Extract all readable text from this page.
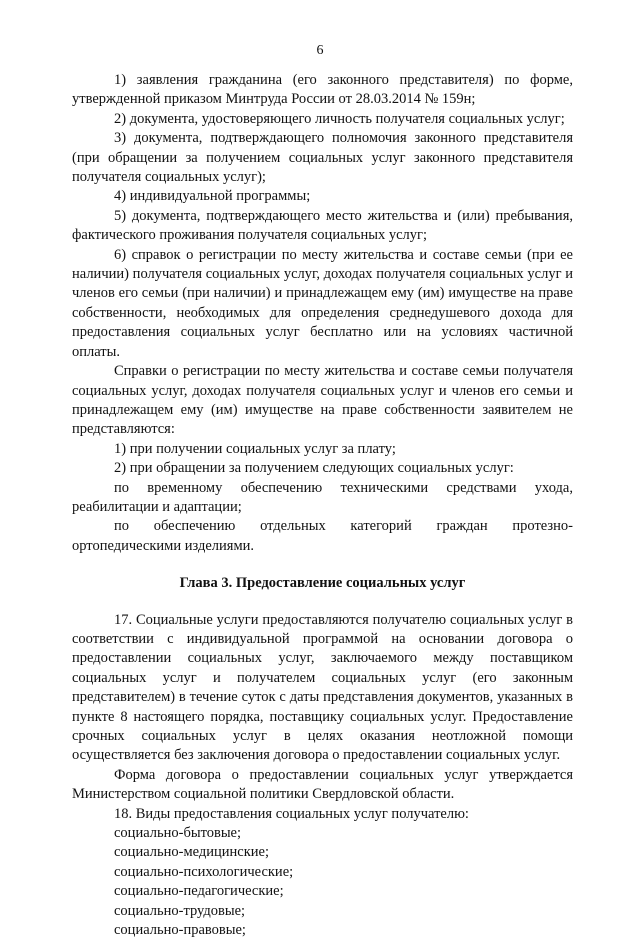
6

1) заявления гражданина (его законного представителя) по форме, утвержденной приказом Минтруда России от 28.03.2014 № 159н;

2) документа, удостоверяющего личность получателя социальных услуг;

3) документа, подтверждающего полномочия законного представителя (при обращении за получением социальных услуг законного представителя получателя социальных услуг);

4) индивидуальной программы;

5) документа, подтверждающего место жительства и (или) пребывания, фактического проживания получателя социальных услуг;

6) справок о регистрации по месту жительства и составе семьи (при ее наличии) получателя социальных услуг, доходах получателя социальных услуг и членов его семьи (при наличии) и принадлежащем ему (им) имуществе на праве собственности, необходимых для определения среднедушевого дохода для предоставления социальных услуг бесплатно или на условиях частичной оплаты.

Справки о регистрации по месту жительства и составе семьи получателя социальных услуг, доходах получателя социальных услуг и членов его семьи и принадлежащем ему (им) имуществе на праве собственности заявителем не представляются:

1) при получении социальных услуг за плату;

2) при обращении за получением следующих социальных услуг:

по временному обеспечению техническими средствами ухода, реабилитации и адаптации;

по обеспечению отдельных категорий граждан протезно-ортопедическими изделиями.

Глава 3. Предоставление социальных услуг

17. Социальные услуги предоставляются получателю социальных услуг в соответствии с индивидуальной программой на основании договора о предоставлении социальных услуг, заключаемого между поставщиком социальных услуг и получателем социальных услуг (его законным представителем) в течение суток с даты представления документов, указанных в пункте 8 настоящего порядка, поставщику социальных услуг. Предоставление срочных социальных услуг в целях оказания неотложной помощи осуществляется без заключения договора о предоставлении социальных услуг.

Форма договора о предоставлении социальных услуг утверждается Министерством социальной политики Свердловской области.

18. Виды предоставления социальных услуг получателю:

социально-бытовые;

социально-медицинские;

социально-психологические;

социально-педагогические;

социально-трудовые;

социально-правовые;
